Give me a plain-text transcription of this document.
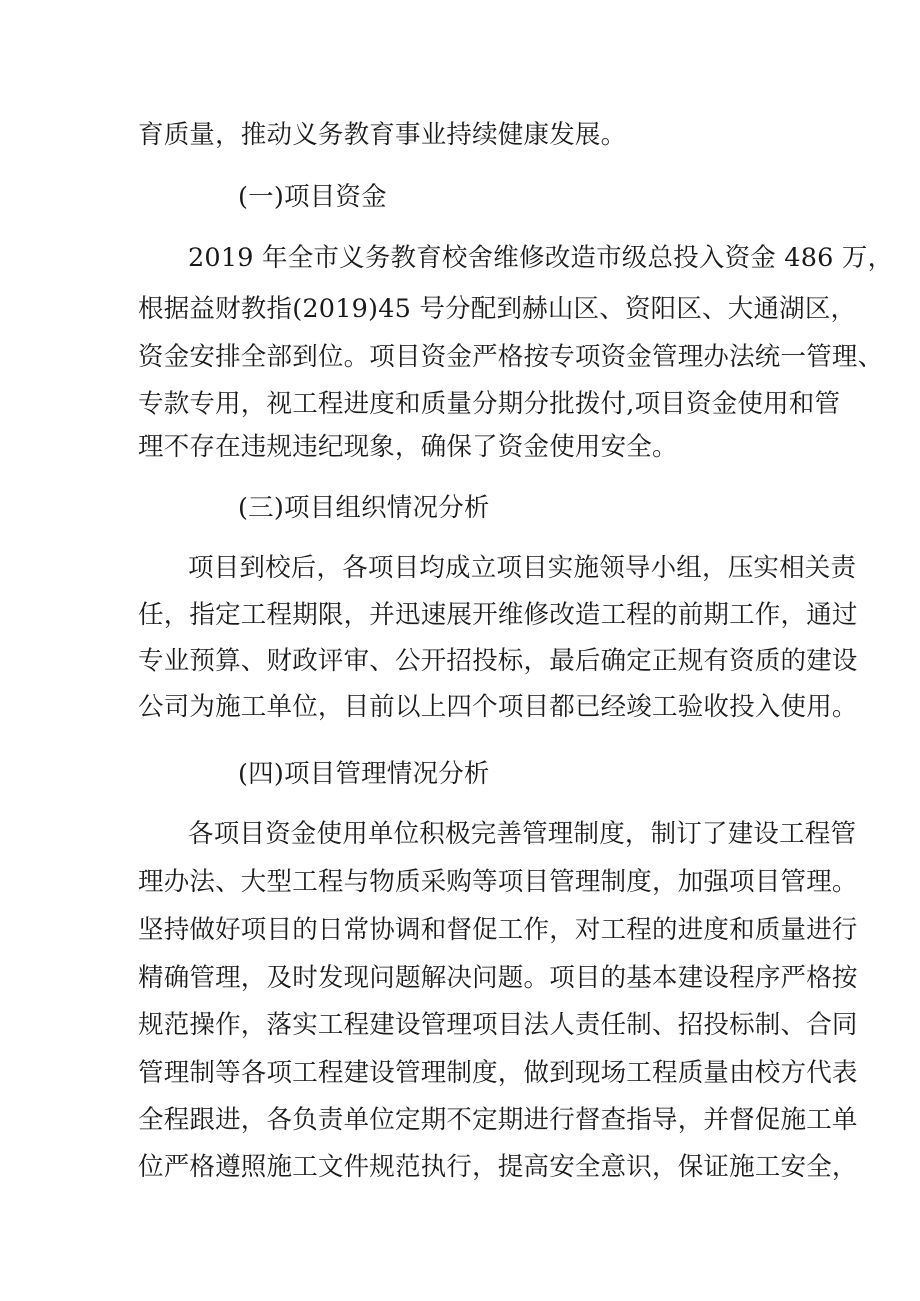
育质量，推动义务教育事业持续健康发展。
(一)项目资金
2019 年全市义务教育校舍维修改造市级总投入资金 486 万，
根据益财教指(2019)45 号分配到赫山区、资阳区、大通湖区，
资金安排全部到位。项目资金严格按专项资金管理办法统一管理、
专款专用，视工程进度和质量分期分批拨付,项目资金使用和管
理不存在违规违纪现象，确保了资金使用安全。
(三)项目组织情况分析
项目到校后，各项目均成立项目实施领导小组，压实相关责
任，指定工程期限，并迅速展开维修改造工程的前期工作，通过
专业预算、财政评审、公开招投标，最后确定正规有资质的建设
公司为施工单位，目前以上四个项目都已经竣工验收投入使用。
(四)项目管理情况分析
各项目资金使用单位积极完善管理制度，制订了建设工程管
理办法、大型工程与物质采购等项目管理制度，加强项目管理。
坚持做好项目的日常协调和督促工作，对工程的进度和质量进行
精确管理，及时发现问题解决问题。项目的基本建设程序严格按
规范操作，落实工程建设管理项目法人责任制、招投标制、合同
管理制等各项工程建设管理制度，做到现场工程质量由校方代表
全程跟进，各负责单位定期不定期进行督查指导，并督促施工单
位严格遵照施工文件规范执行，提高安全意识，保证施工安全，
